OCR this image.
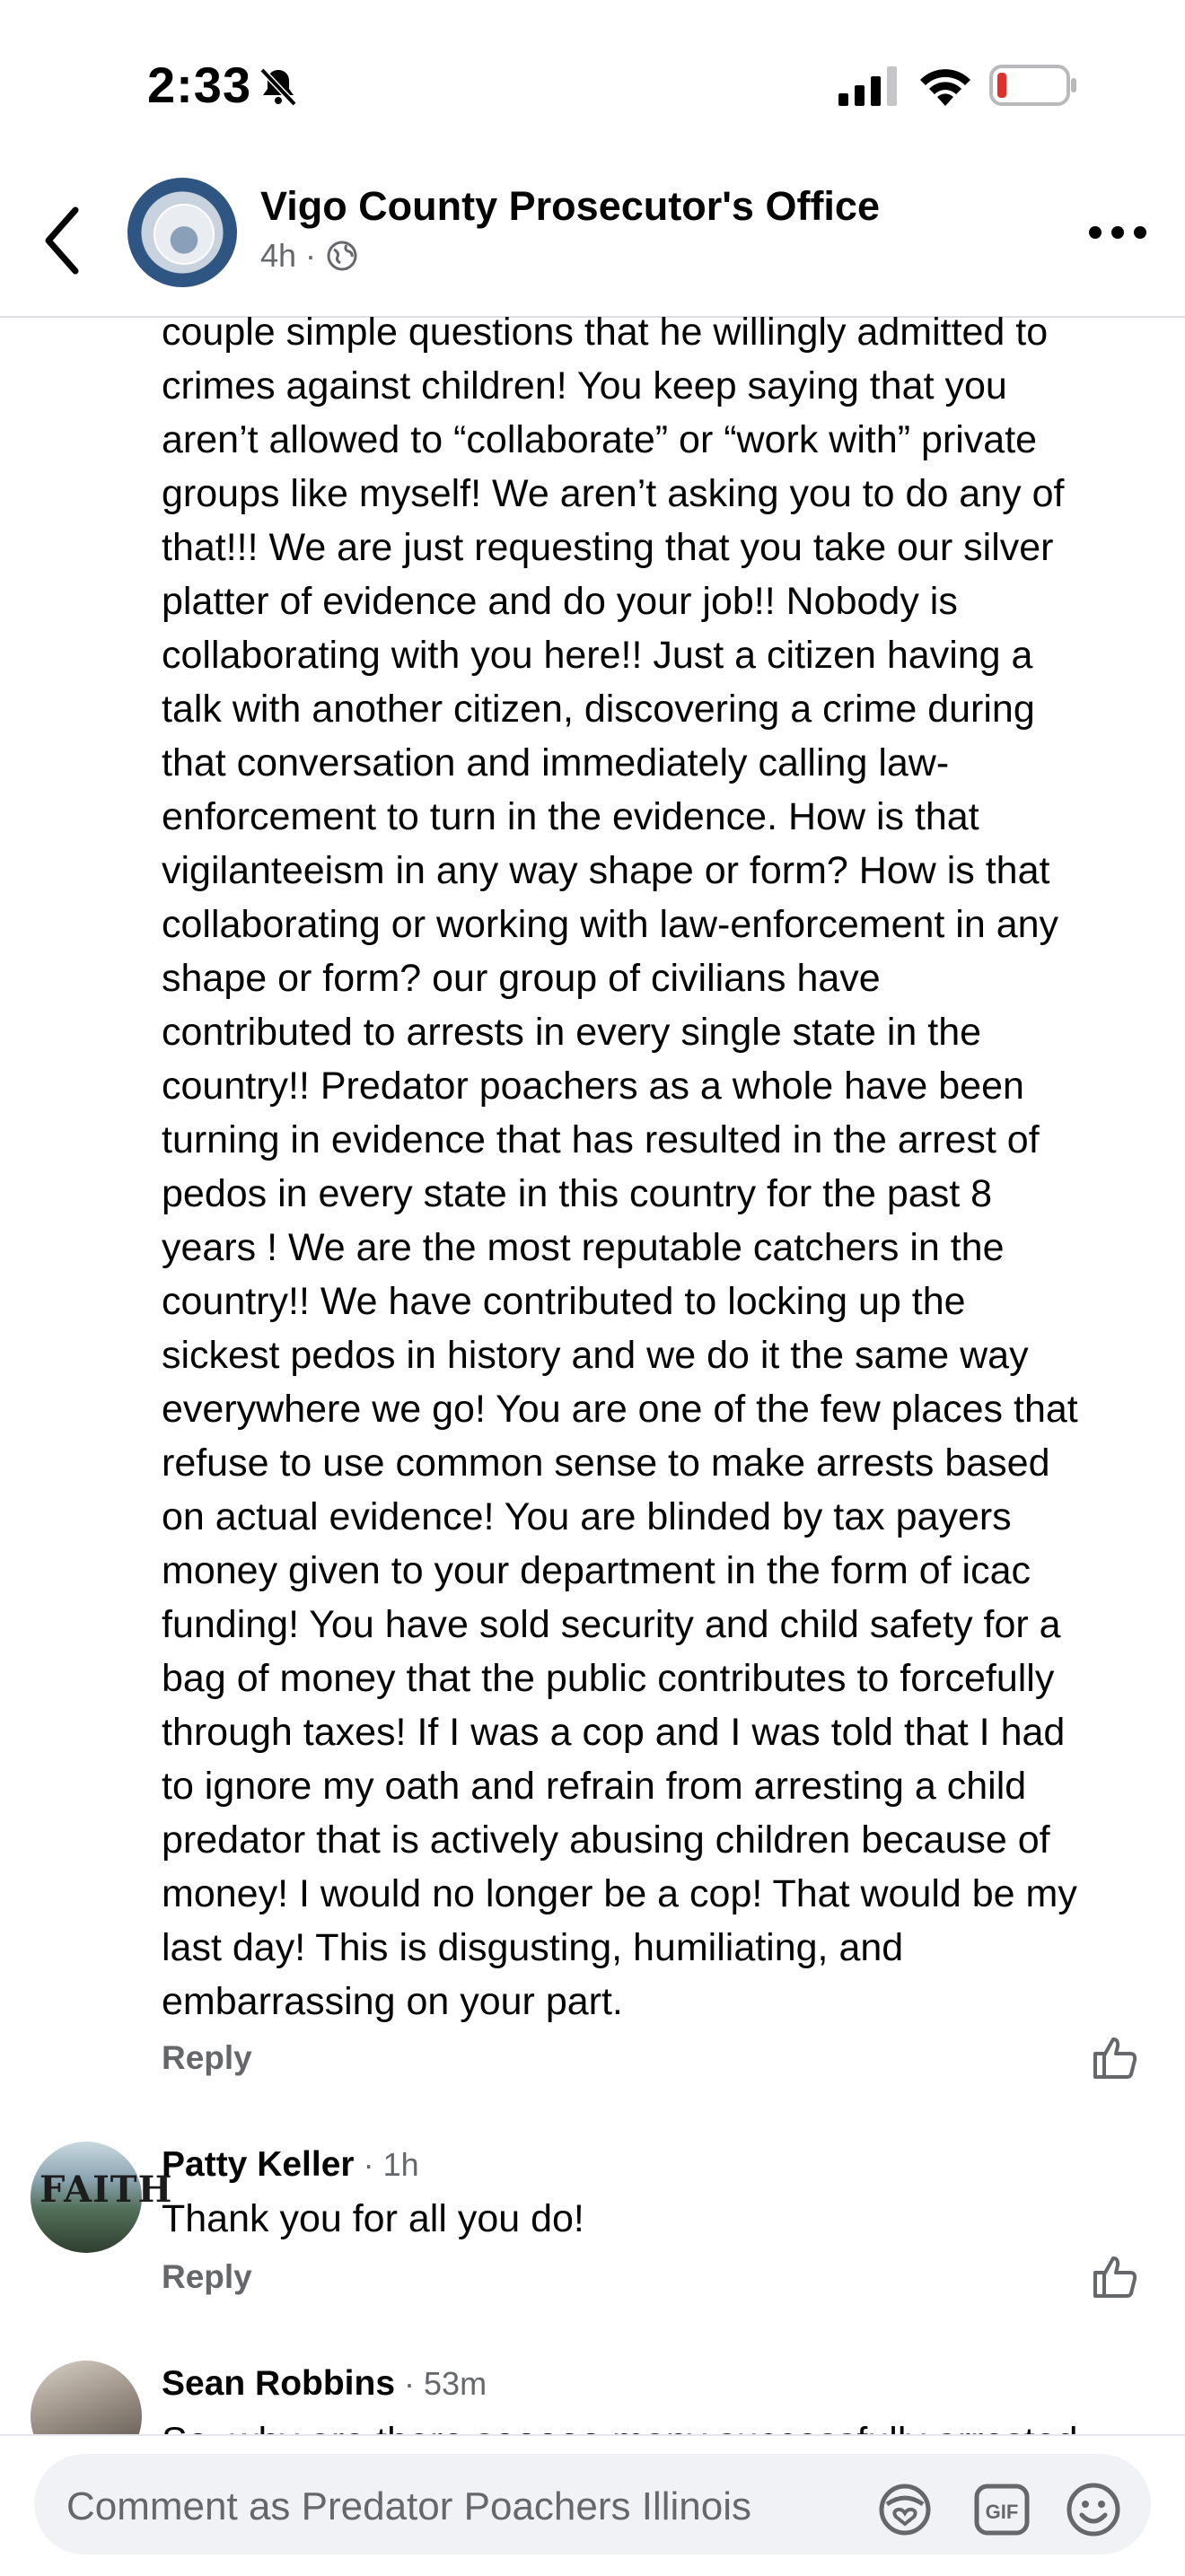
2:33
Vigo County Prosecutor's Office
4h ·
couple simple questions that he willingly admitted to
crimes against children! You keep saying that you
aren’t allowed to “collaborate” or “work with” private
groups like myself! We aren’t asking you to do any of
that!!! We are just requesting that you take our silver
platter of evidence and do your job!! Nobody is
collaborating with you here!! Just a citizen having a
talk with another citizen, discovering a crime during
that conversation and immediately calling law-
enforcement to turn in the evidence. How is that
vigilanteeism in any way shape or form? How is that
collaborating or working with law-enforcement in any
shape or form? our group of civilians have
contributed to arrests in every single state in the
country!! Predator poachers as a whole have been
turning in evidence that has resulted in the arrest of
pedos in every state in this country for the past 8
years ! We are the most reputable catchers in the
country!! We have contributed to locking up the
sickest pedos in history and we do it the same way
everywhere we go! You are one of the few places that
refuse to use common sense to make arrests based
on actual evidence! You are blinded by tax payers
money given to your department in the form of icac
funding! You have sold security and child safety for a
bag of money that the public contributes to forcefully
through taxes! If I was a cop and I was told that I had
to ignore my oath and refrain from arresting a child
predator that is actively abusing children because of
money! I would no longer be a cop! That would be my
last day! This is disgusting, humiliating, and
embarrassing on your part.
Reply
FAITH
Patty Keller · 1h
Thank you for all you do!
Reply
Sean Robbins · 53m
Comment as Predator Poachers Illinois	GIF
